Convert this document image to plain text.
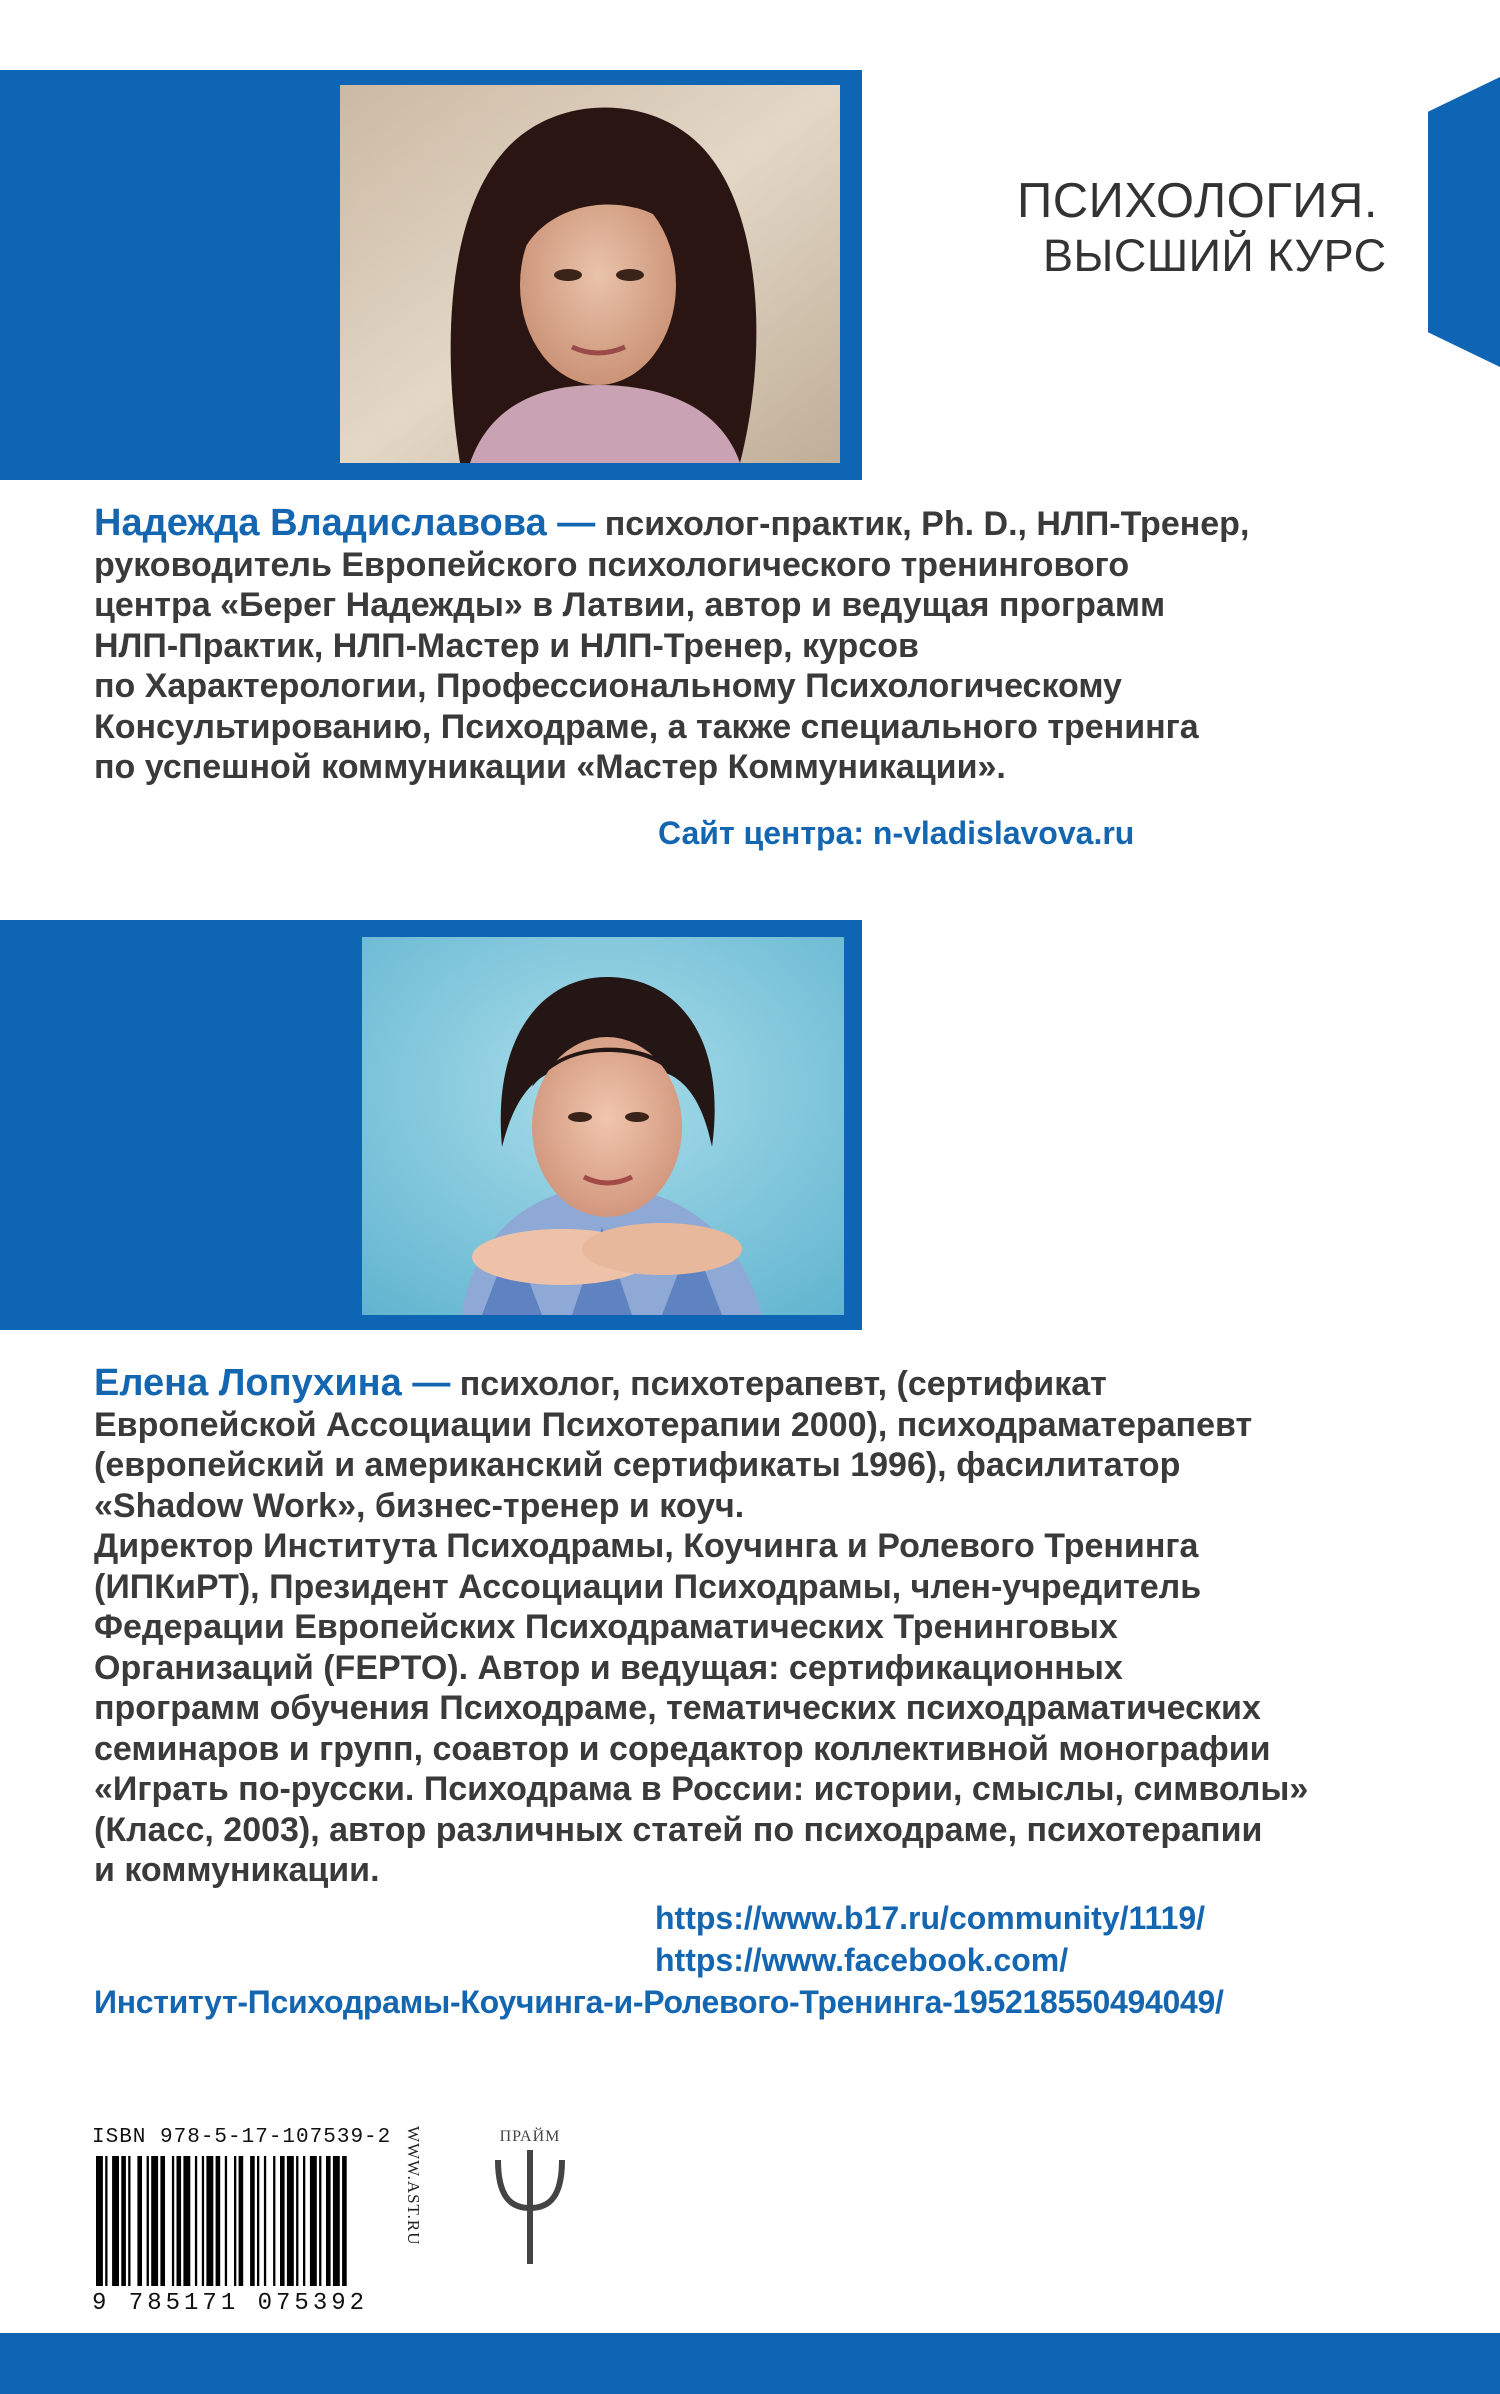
ПСИХОЛОГИЯ.
ВЫСШИЙ КУРС
Надежда Владиславова — психолог-практик, Ph. D., НЛП-Тренер,
руководитель Европейского психологического тренингового
центра «Берег Надежды» в Латвии, автор и ведущая программ
НЛП-Практик, НЛП-Мастер и НЛП-Тренер, курсов
по Характерологии, Профессиональному Психологическому
Консультированию, Психодраме, а также специального тренинга
по успешной коммуникации «Мастер Коммуникации».
Сайт центра: n-vladislavova.ru
Елена Лопухина — психолог, психотерапевт, (сертификат
Европейской Ассоциации Психотерапии 2000), психодраматерапевт
(европейский и американский сертификаты 1996), фасилитатор
«Shadow Work», бизнес-тренер и коуч.
Директор Института Психодрамы, Коучинга и Ролевого Тренинга
(ИПКиРТ), Президент Ассоциации Психодрамы, член-учредитель
Федерации Европейских Психодраматических Тренинговых
Организаций (FEPTO). Автор и ведущая: сертификационных
программ обучения Психодраме, тематических психодраматических
семинаров и групп, соавтор и соредактор коллективной монографии
«Играть по-русски. Психодрама в России: истории, смыслы, символы»
(Класс, 2003), автор различных статей по психодраме, психотерапии
и коммуникации.
https://www.b17.ru/community/1119/
https://www.facebook.com/
Институт-Психодрамы-Коучинга-и-Ролевого-Тренинга-195218550494049/
ISBN 978-5-17-107539-2
9 785171 075392
WWW.AST.RU	ПРАЙМ
